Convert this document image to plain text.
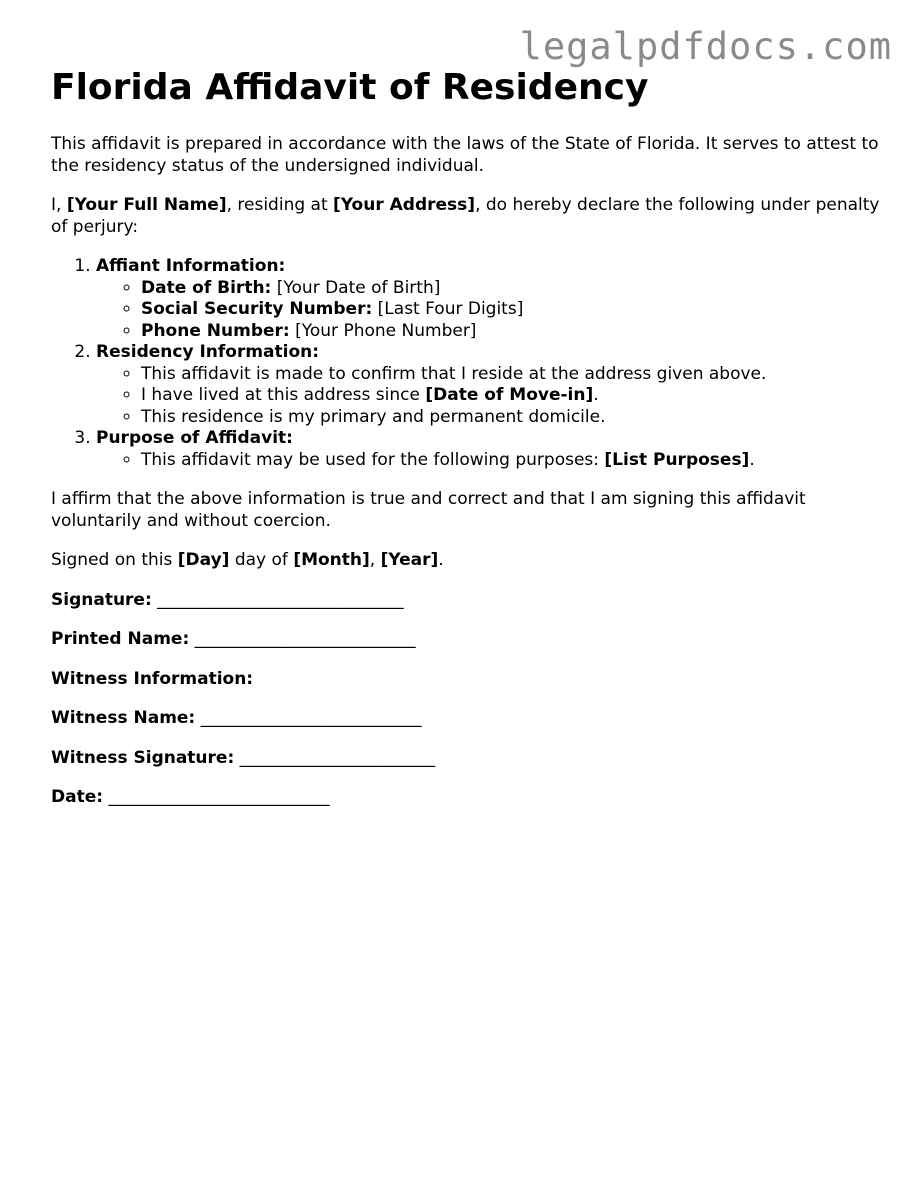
legalpdfdocs.com
Florida Affidavit of Residency

This affidavit is prepared in accordance with the laws of the State of Florida. It serves to attest to the residency status of the undersigned individual.

I, [Your Full Name], residing at [Your Address], do hereby declare the following under penalty of perjury:

1. Affiant Information:
◦ Date of Birth: [Your Date of Birth]
◦ Social Security Number: [Last Four Digits]
◦ Phone Number: [Your Phone Number]
2. Residency Information:
◦ This affidavit is made to confirm that I reside at the address given above.
◦ I have lived at this address since [Date of Move-in].
◦ This residence is my primary and permanent domicile.
3. Purpose of Affidavit:
◦ This affidavit may be used for the following purposes: [List Purposes].

I affirm that the above information is true and correct and that I am signing this affidavit voluntarily and without coercion.

Signed on this [Day] day of [Month], [Year].

Signature: _____________________________
Printed Name: __________________________
Witness Information:
Witness Name: __________________________
Witness Signature: _______________________
Date: __________________________
